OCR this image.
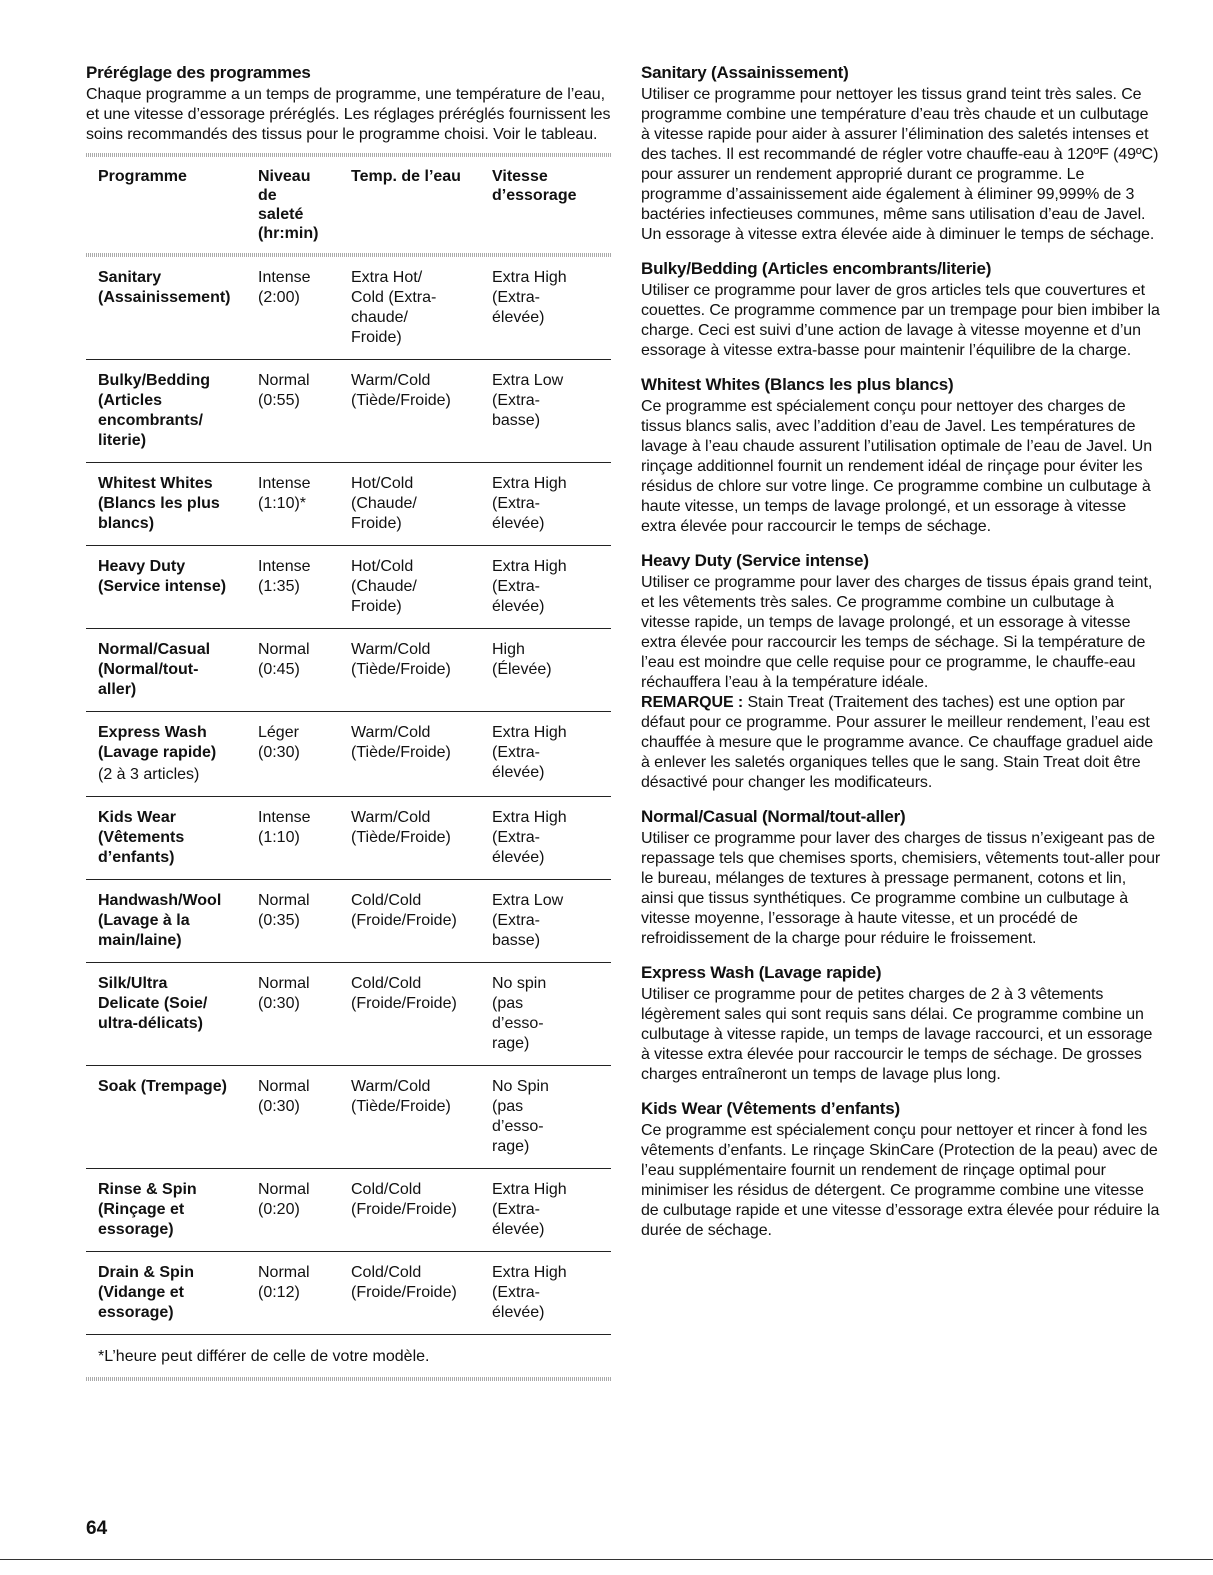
Préréglage des programmes

Chaque programme a un temps de programme, une température de l’eau, et une vitesse d’essorage préréglés. Les réglages préréglés fournissent les soins recommandés des tissus pour le programme choisi. Voir le tableau.

Programme	Niveau
de
saleté
(hr:min)	Temp. de l’eau	Vitesse
d’essorage

Sanitary
(Assainissement)	Intense
(2:00)	Extra Hot/
Cold (Extra-
chaude/
Froide)	Extra High
(Extra-
élevée)

Bulky/Bedding
(Articles
encombrants/
literie)	Normal
(0:55)	Warm/Cold
(Tiède/Froide)	Extra Low
(Extra-
basse)

Whitest Whites
(Blancs les plus
blancs)	Intense
(1:10)*	Hot/Cold
(Chaude/
Froide)	Extra High
(Extra-
élevée)

Heavy Duty
(Service intense)	Intense
(1:35)	Hot/Cold
(Chaude/
Froide)	Extra High
(Extra-
élevée)

Normal/Casual
(Normal/tout-
aller)	Normal
(0:45)	Warm/Cold
(Tiède/Froide)	High
(Élevée)

Express Wash
(Lavage rapide)
(2 à 3 articles)	Léger
(0:30)	Warm/Cold
(Tiède/Froide)	Extra High
(Extra-
élevée)

Kids Wear
(Vêtements
d’enfants)	Intense
(1:10)	Warm/Cold
(Tiède/Froide)	Extra High
(Extra-
élevée)

Handwash/Wool
(Lavage à la
main/laine)	Normal
(0:35)	Cold/Cold
(Froide/Froide)	Extra Low
(Extra-
basse)

Silk/Ultra
Delicate (Soie/
ultra-délicats)	Normal
(0:30)	Cold/Cold
(Froide/Froide)	No spin
(pas
d’esso-
rage)

Soak (Trempage)	Normal
(0:30)	Warm/Cold
(Tiède/Froide)	No Spin
(pas
d’esso-
rage)

Rinse & Spin
(Rinçage et
essorage)	Normal
(0:20)	Cold/Cold
(Froide/Froide)	Extra High
(Extra-
élevée)

Drain & Spin
(Vidange et
essorage)	Normal
(0:12)	Cold/Cold
(Froide/Froide)	Extra High
(Extra-
élevée)
*L’heure peut différer de celle de votre modèle.
Sanitary (Assainissement)

Utiliser ce programme pour nettoyer les tissus grand teint très sales. Ce programme combine une température d’eau très chaude et un culbutage à vitesse rapide pour aider à assurer l’élimination des saletés intenses et des taches. Il est recommandé de régler votre chauffe-eau à 120ºF (49ºC) pour assurer un rendement approprié durant ce programme. Le programme d’assainissement aide également à éliminer 99,999% de 3 bactéries infectieuses communes, même sans utilisation d’eau de Javel. Un essorage à vitesse extra élevée aide à diminuer le temps de séchage.

Bulky/Bedding (Articles encombrants/literie)

Utiliser ce programme pour laver de gros articles tels que couvertures et couettes. Ce programme commence par un trempage pour bien imbiber la charge. Ceci est suivi d’une action de lavage à vitesse moyenne et d’un essorage à vitesse extra-basse pour maintenir l’équilibre de la charge.

Whitest Whites (Blancs les plus blancs)

Ce programme est spécialement conçu pour nettoyer des charges de tissus blancs salis, avec l’addition d’eau de Javel. Les températures de lavage à l’eau chaude assurent l’utilisation optimale de l’eau de Javel. Un rinçage additionnel fournit un rendement idéal de rinçage pour éviter les résidus de chlore sur votre linge. Ce programme combine un culbutage à haute vitesse, un temps de lavage prolongé, et un essorage à vitesse extra élevée pour raccourcir le temps de séchage.

Heavy Duty (Service intense)

Utiliser ce programme pour laver des charges de tissus épais grand teint, et les vêtements très sales. Ce programme combine un culbutage à vitesse rapide, un temps de lavage prolongé, et un essorage à vitesse extra élevée pour raccourcir les temps de séchage. Si la température de l’eau est moindre que celle requise pour ce programme, le chauffe-eau réchauffera l’eau à la température idéale.

REMARQUE : Stain Treat (Traitement des taches) est une option par défaut pour ce programme. Pour assurer le meilleur rendement, l’eau est chauffée à mesure que le programme avance. Ce chauffage graduel aide à enlever les saletés organiques telles que le sang. Stain Treat doit être désactivé pour changer les modificateurs.

Normal/Casual (Normal/tout-aller)

Utiliser ce programme pour laver des charges de tissus n’exigeant pas de repassage tels que chemises sports, chemisiers, vêtements tout-aller pour le bureau, mélanges de textures à pressage permanent, cotons et lin, ainsi que tissus synthétiques. Ce programme combine un culbutage à vitesse moyenne, l’essorage à haute vitesse, et un procédé de refroidissement de la charge pour réduire le froissement.

Express Wash (Lavage rapide)

Utiliser ce programme pour de petites charges de 2 à 3 vêtements légèrement sales qui sont requis sans délai. Ce programme combine un culbutage à vitesse rapide, un temps de lavage raccourci, et un essorage à vitesse extra élevée pour raccourcir le temps de séchage. De grosses charges entraîneront un temps de lavage plus long.

Kids Wear (Vêtements d’enfants)

Ce programme est spécialement conçu pour nettoyer et rincer à fond les vêtements d’enfants. Le rinçage SkinCare (Protection de la peau) avec de l’eau supplémentaire fournit un rendement de rinçage optimal pour minimiser les résidus de détergent. Ce programme combine une vitesse de culbutage rapide et une vitesse d’essorage extra élevée pour réduire la durée de séchage.

64
